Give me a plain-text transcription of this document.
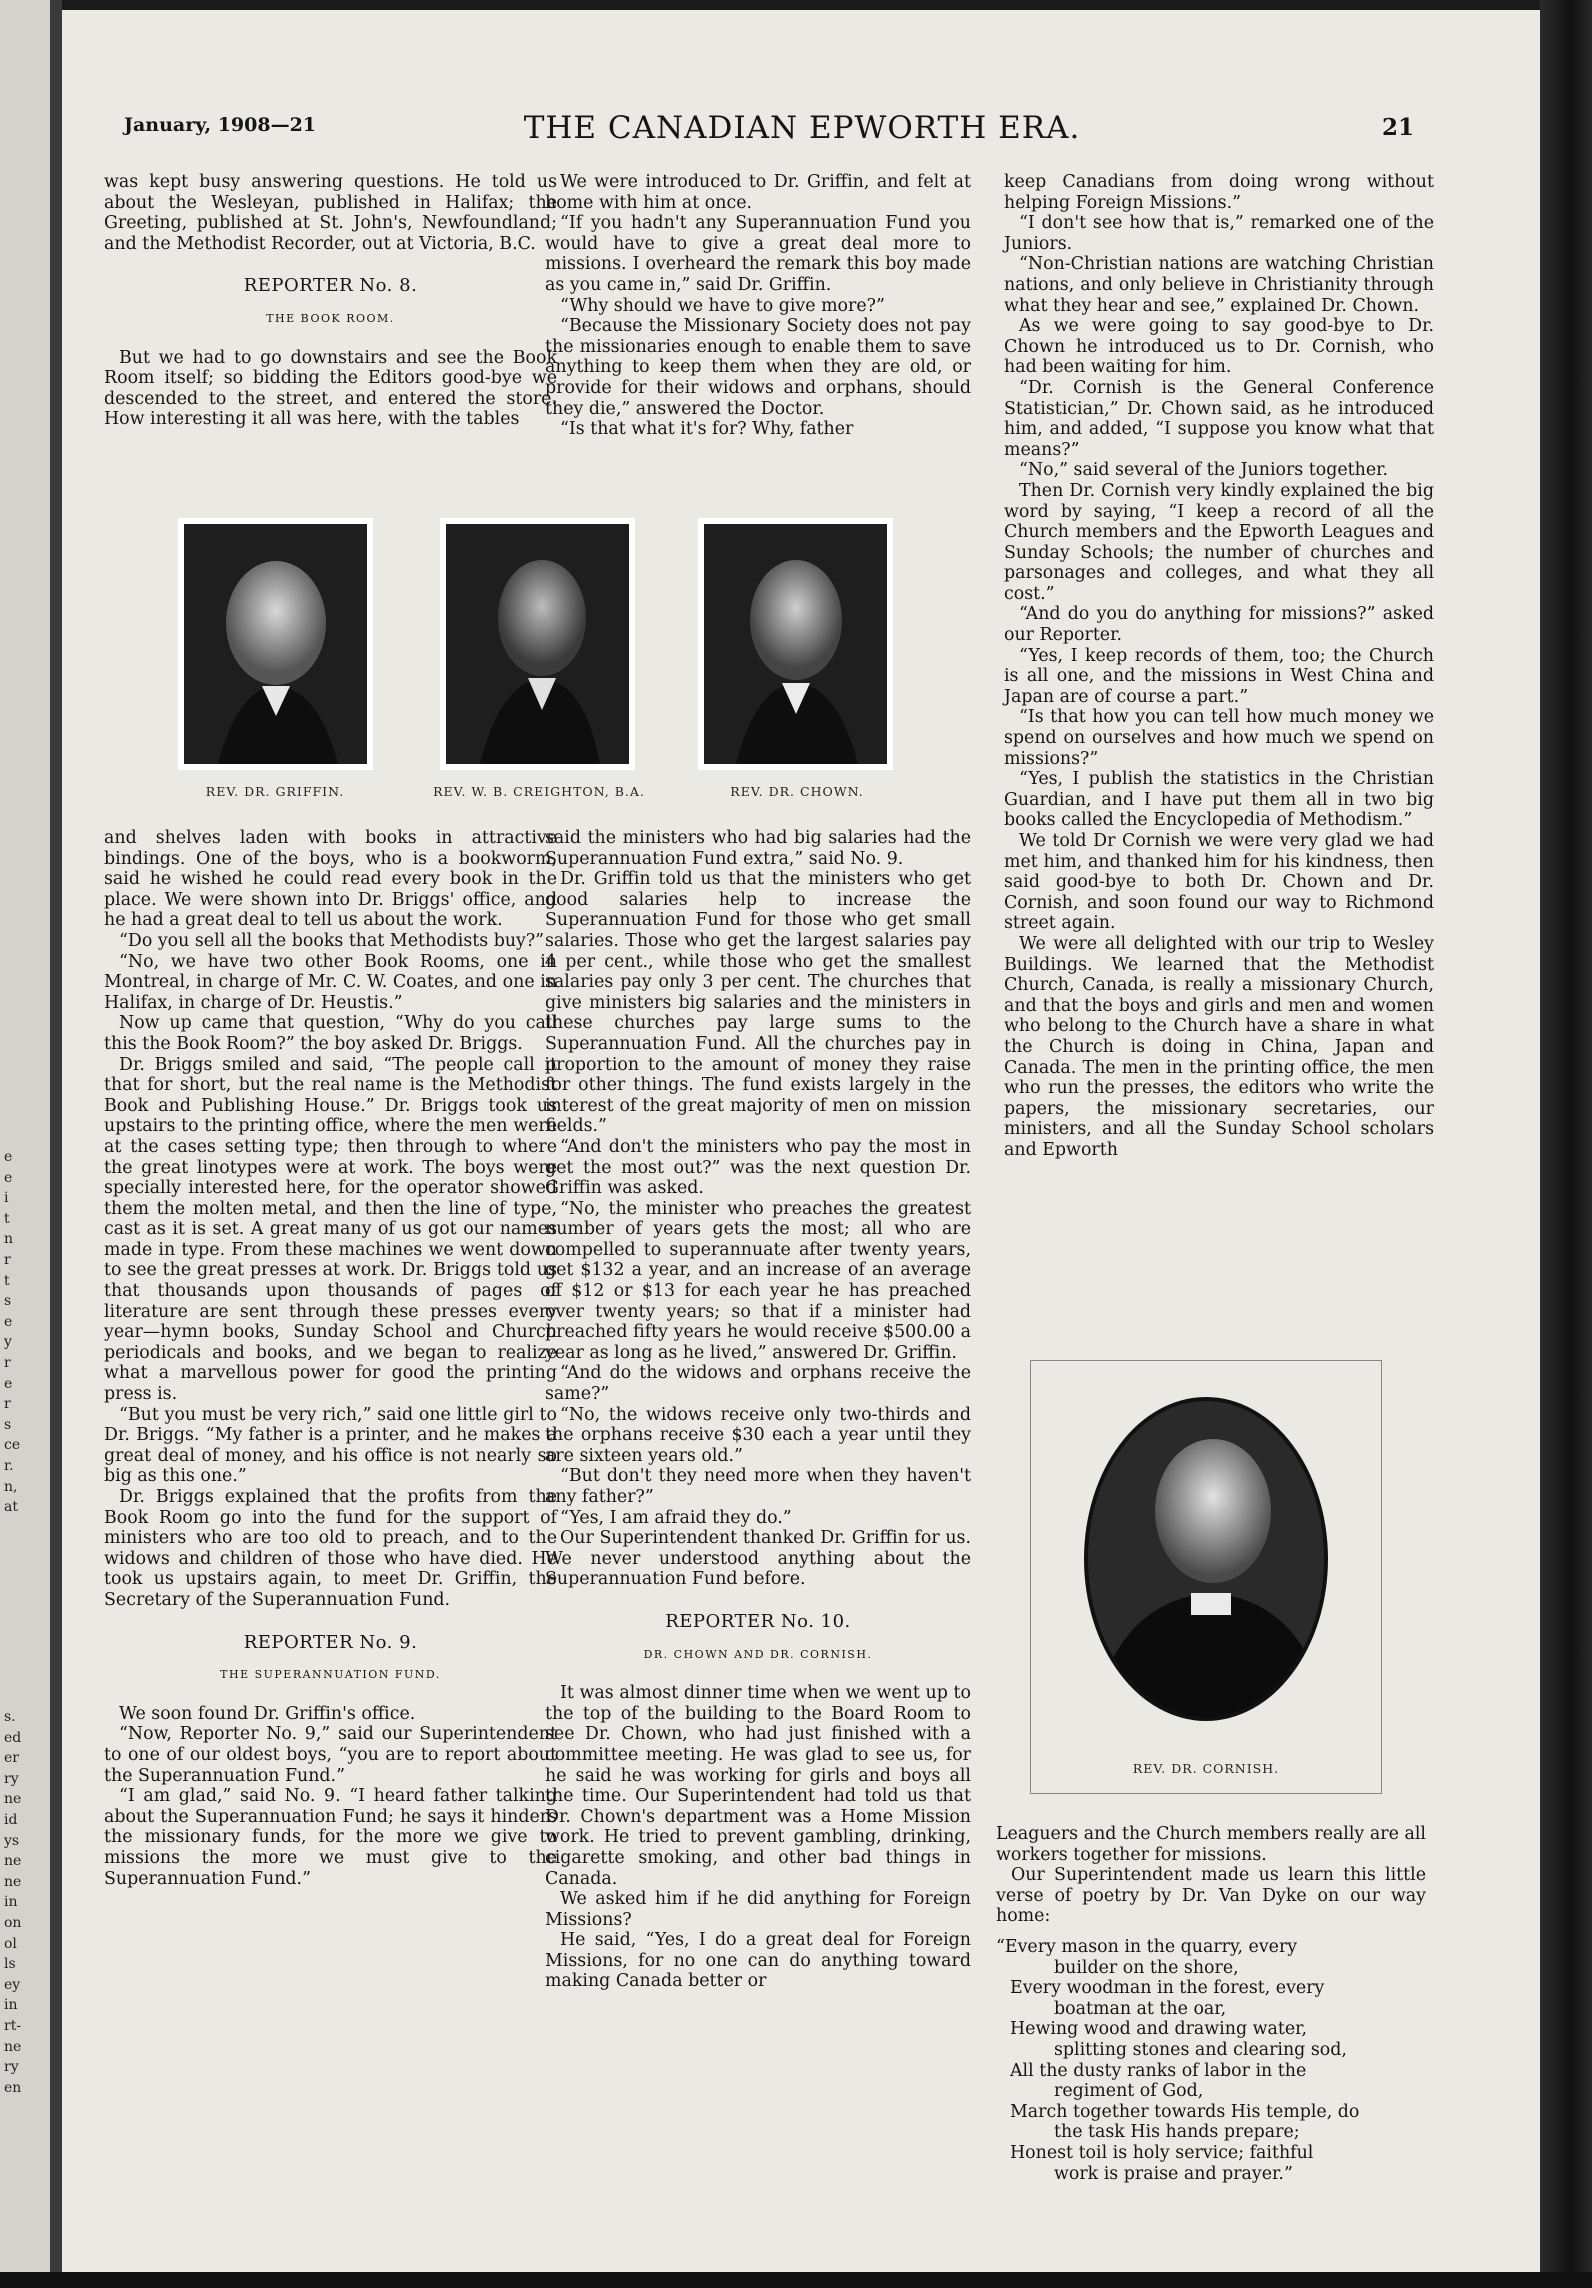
e
e
i
t
n
r
t
s
e
y
r
e
r
s
ce
r.
n,
at
s.
ed
er
ry
ne
id
ys
ne
ne
in
on
ol
ls
ey
in
rt-
ne
ry
en
January, 1908—21	THE CANADIAN EPWORTH ERA.	21

was kept busy answering questions. He told us about the Wesleyan, published in Halifax; the Greeting, published at St. John's, Newfoundland; and the Methodist Recorder, out at Victoria, B.C.

REPORTER No. 8.
THE BOOK ROOM.

But we had to go downstairs and see the Book Room itself; so bidding the Editors good-bye we descended to the street, and entered the store. How interesting it all was here, with the tables

We were introduced to Dr. Griffin, and felt at home with him at once.

“If you hadn't any Superannuation Fund you would have to give a great deal more to missions. I overheard the remark this boy made as you came in,” said Dr. Griffin.

“Why should we have to give more?”

“Because the Missionary Society does not pay the missionaries enough to enable them to save anything to keep them when they are old, or provide for their widows and orphans, should they die,” answered the Doctor.

“Is that what it's for? Why, father

REV. DR. GRIFFIN.	REV. W. B. CREIGHTON, B.A.	REV. DR. CHOWN.

and shelves laden with books in attractive bindings. One of the boys, who is a bookworm, said he wished he could read every book in the place. We were shown into Dr. Briggs' office, and he had a great deal to tell us about the work.

“Do you sell all the books that Methodists buy?”

“No, we have two other Book Rooms, one in Montreal, in charge of Mr. C. W. Coates, and one in Halifax, in charge of Dr. Heustis.”

Now up came that question, “Why do you call this the Book Room?” the boy asked Dr. Briggs.

Dr. Briggs smiled and said, “The people call it that for short, but the real name is the Methodist Book and Publishing House.” Dr. Briggs took us upstairs to the printing office, where the men were at the cases setting type; then through to where the great linotypes were at work. The boys were specially interested here, for the operator showed them the molten metal, and then the line of type, cast as it is set. A great many of us got our names made in type. From these machines we went down to see the great presses at work. Dr. Briggs told us that thousands upon thousands of pages of literature are sent through these presses every year—hymn books, Sunday School and Church periodicals and books, and we began to realize what a marvellous power for good the printing press is.

“But you must be very rich,” said one little girl to Dr. Briggs. “My father is a printer, and he makes a great deal of money, and his office is not nearly so big as this one.”

Dr. Briggs explained that the profits from the Book Room go into the fund for the support of ministers who are too old to preach, and to the widows and children of those who have died. He took us upstairs again, to meet Dr. Griffin, the Secretary of the Superannuation Fund.

REPORTER No. 9.
THE SUPERANNUATION FUND.

We soon found Dr. Griffin's office.

“Now, Reporter No. 9,” said our Superintendent to one of our oldest boys, “you are to report about the Superannuation Fund.”

“I am glad,” said No. 9. “I heard father talking about the Superannuation Fund; he says it hinders the missionary funds, for the more we give to missions the more we must give to the Superannuation Fund.”

said the ministers who had big salaries had the Superannuation Fund extra,” said No. 9.

Dr. Griffin told us that the ministers who get good salaries help to increase the Superannuation Fund for those who get small salaries. Those who get the largest salaries pay 4 per cent., while those who get the smallest salaries pay only 3 per cent. The churches that give ministers big salaries and the ministers in these churches pay large sums to the Superannuation Fund. All the churches pay in proportion to the amount of money they raise for other things. The fund exists largely in the interest of the great majority of men on mission fields.”

“And don't the ministers who pay the most in get the most out?” was the next question Dr. Griffin was asked.

“No, the minister who preaches the greatest number of years gets the most; all who are compelled to superannuate after twenty years, get $132 a year, and an increase of an average of $12 or $13 for each year he has preached over twenty years; so that if a minister had preached fifty years he would receive $500.00 a year as long as he lived,” answered Dr. Griffin.

“And do the widows and orphans receive the same?”

“No, the widows receive only two-thirds and the orphans receive $30 each a year until they are sixteen years old.”

“But don't they need more when they haven't any father?”

“Yes, I am afraid they do.”

Our Superintendent thanked Dr. Griffin for us. We never understood anything about the Superannuation Fund before.

REPORTER No. 10.
DR. CHOWN AND DR. CORNISH.

It was almost dinner time when we went up to the top of the building to the Board Room to see Dr. Chown, who had just finished with a committee meeting. He was glad to see us, for he said he was working for girls and boys all the time. Our Superintendent had told us that Dr. Chown's department was a Home Mission work. He tried to prevent gambling, drinking, cigarette smoking, and other bad things in Canada.

We asked him if he did anything for Foreign Missions?

He said, “Yes, I do a great deal for Foreign Missions, for no one can do anything toward making Canada better or

keep Canadians from doing wrong without helping Foreign Missions.”

“I don't see how that is,” remarked one of the Juniors.

“Non-Christian nations are watching Christian nations, and only believe in Christianity through what they hear and see,” explained Dr. Chown.

As we were going to say good-bye to Dr. Chown he introduced us to Dr. Cornish, who had been waiting for him.

“Dr. Cornish is the General Conference Statistician,” Dr. Chown said, as he introduced him, and added, “I suppose you know what that means?”

“No,” said several of the Juniors together.

Then Dr. Cornish very kindly explained the big word by saying, “I keep a record of all the Church members and the Epworth Leagues and Sunday Schools; the number of churches and parsonages and colleges, and what they all cost.”

“And do you do anything for missions?” asked our Reporter.

“Yes, I keep records of them, too; the Church is all one, and the missions in West China and Japan are of course a part.”

“Is that how you can tell how much money we spend on ourselves and how much we spend on missions?”

“Yes, I publish the statistics in the Christian Guardian, and I have put them all in two big books called the Encyclopedia of Methodism.”

We told Dr Cornish we were very glad we had met him, and thanked him for his kindness, then said good-bye to both Dr. Chown and Dr. Cornish, and soon found our way to Richmond street again.

We were all delighted with our trip to Wesley Buildings. We learned that the Methodist Church, Canada, is really a missionary Church, and that the boys and girls and men and women who belong to the Church have a share in what the Church is doing in China, Japan and Canada. The men in the printing office, the men who run the presses, the editors who write the papers, the missionary secretaries, our ministers, and all the Sunday School scholars and Epworth

REV. DR. CORNISH.

Leaguers and the Church members really are all workers together for missions.

Our Superintendent made us learn this little verse of poetry by Dr. Van Dyke on our way home:

“Every mason in the quarry, every
builder on the shore,
Every woodman in the forest, every
boatman at the oar,
Hewing wood and drawing water,
splitting stones and clearing sod,
All the dusty ranks of labor in the
regiment of God,
March together towards His temple, do
the task His hands prepare;
Honest toil is holy service; faithful
work is praise and prayer.”
